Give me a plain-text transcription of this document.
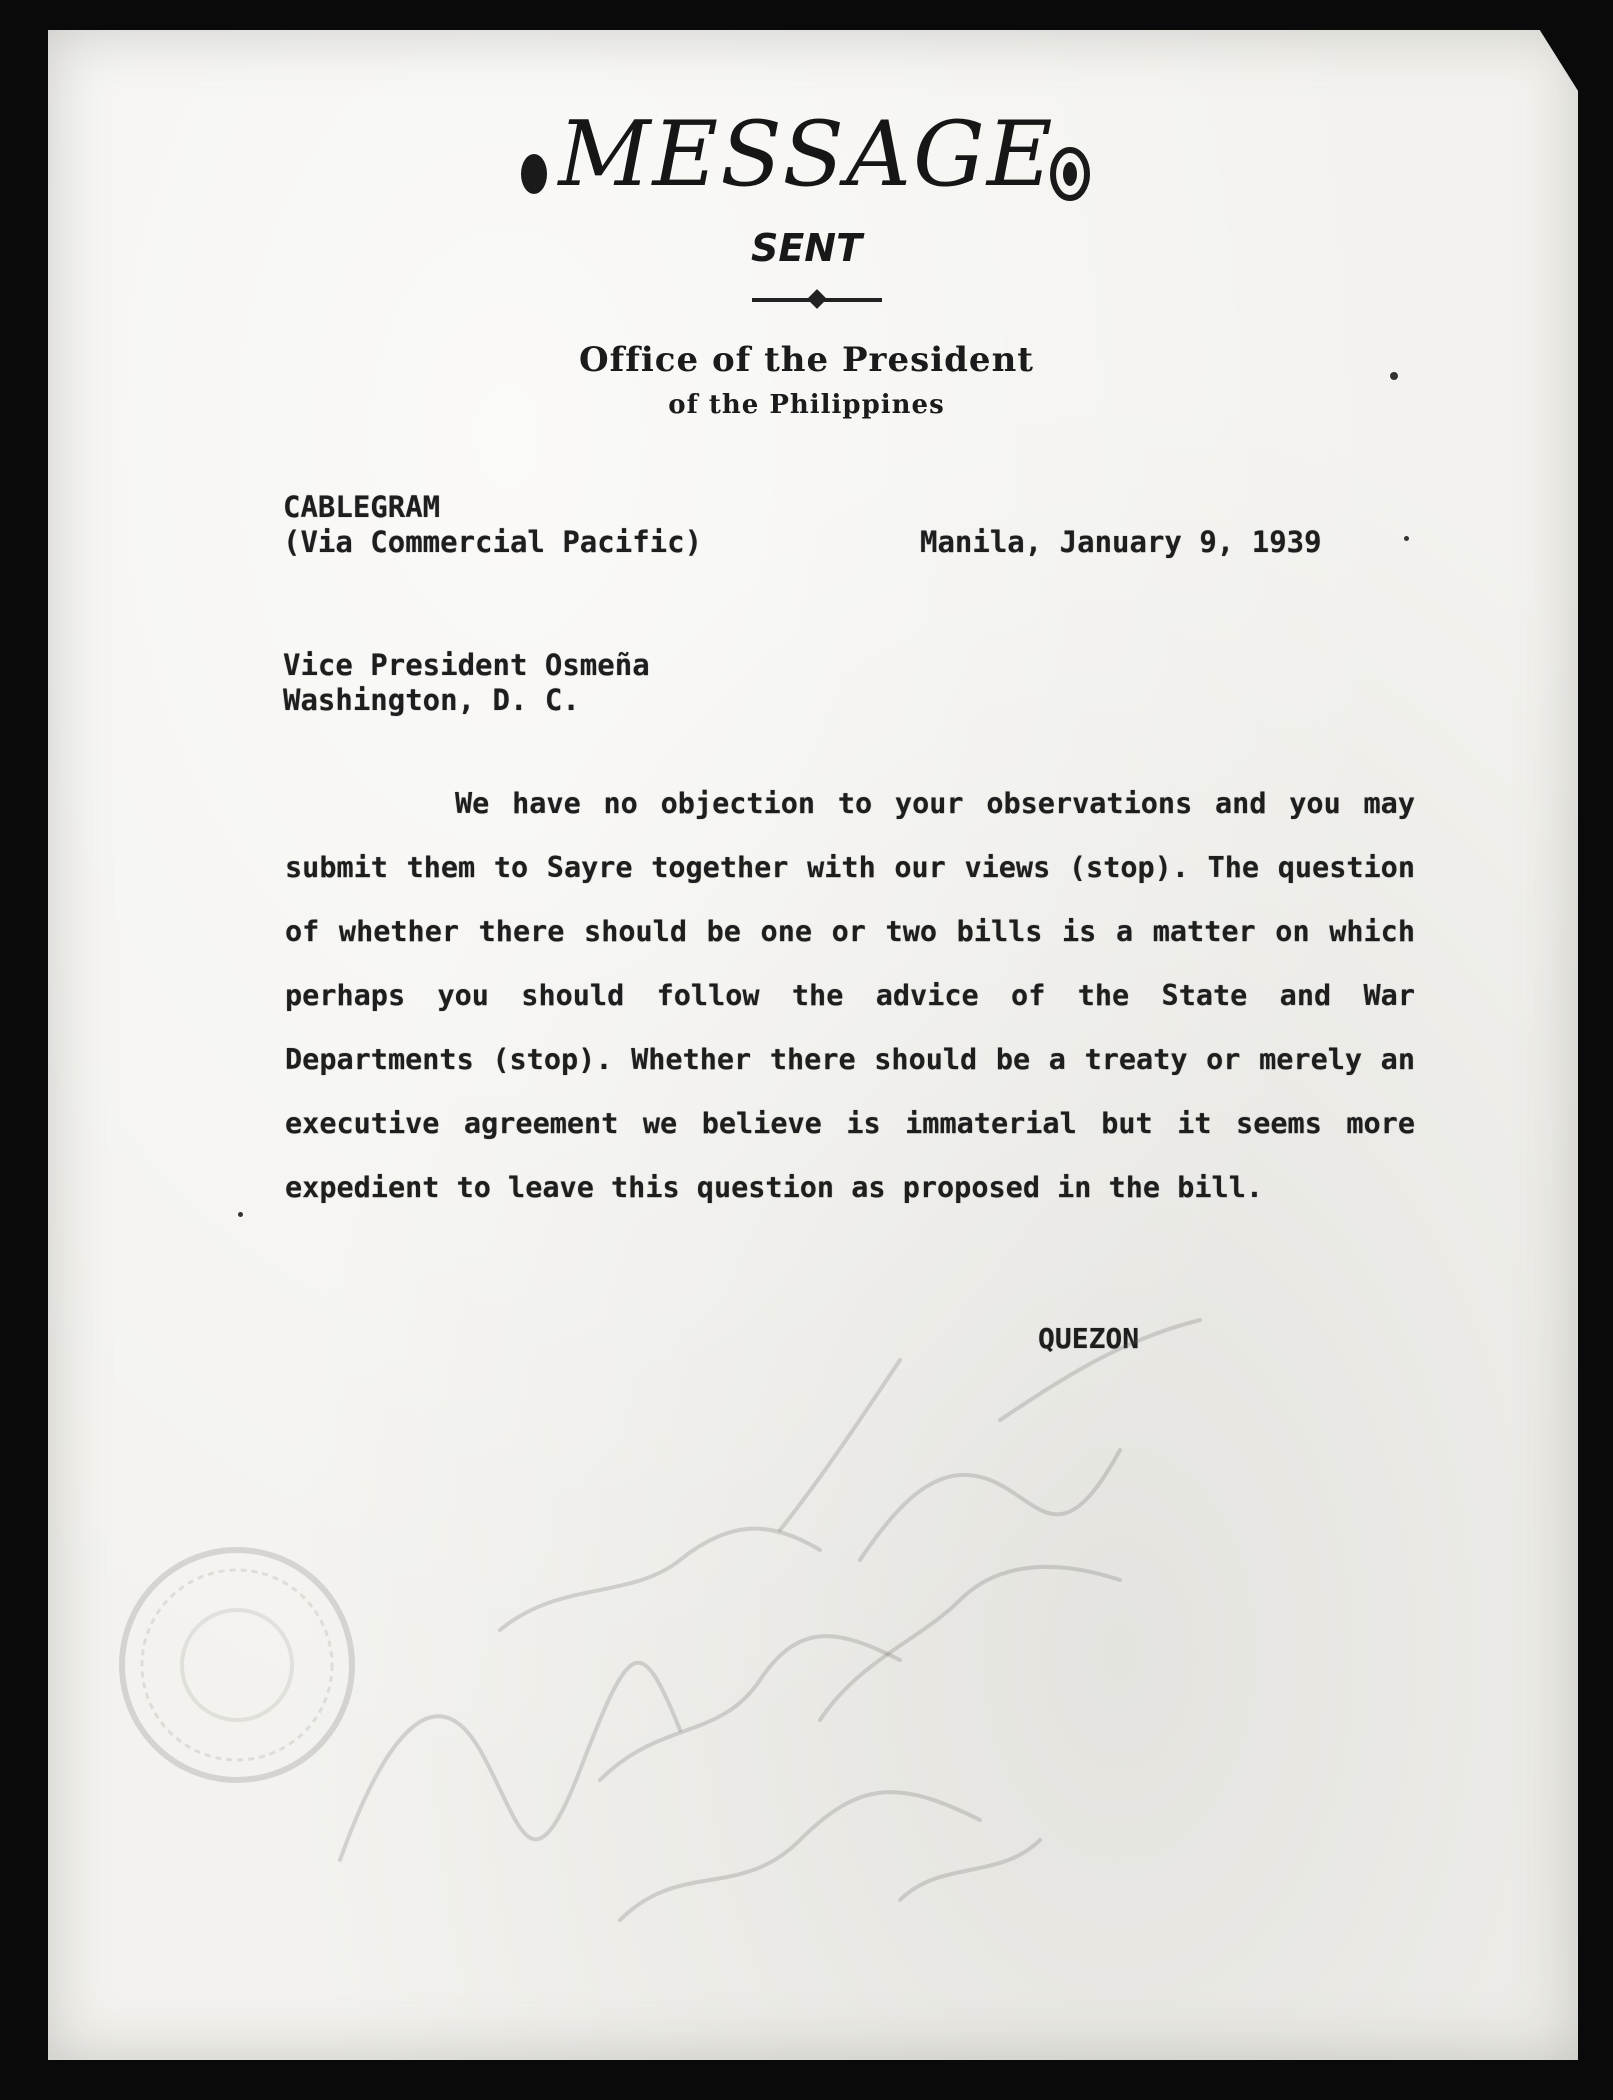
MESSAGE
SENT
Office of the President
of the Philippines
CABLEGRAM
(Via Commercial Pacific)	Manila, January 9, 1939
Vice President Osmeña
Washington, D. C.
We have no objection to your observations and you may submit them to Sayre together with our views (stop). The question of whether there should be one or two bills is a matter on which perhaps you should follow the advice of the State and War Departments (stop). Whether there should be a treaty or merely an executive agreement we believe is immaterial but it seems more expedient to leave this question as proposed in the bill.
QUEZON
